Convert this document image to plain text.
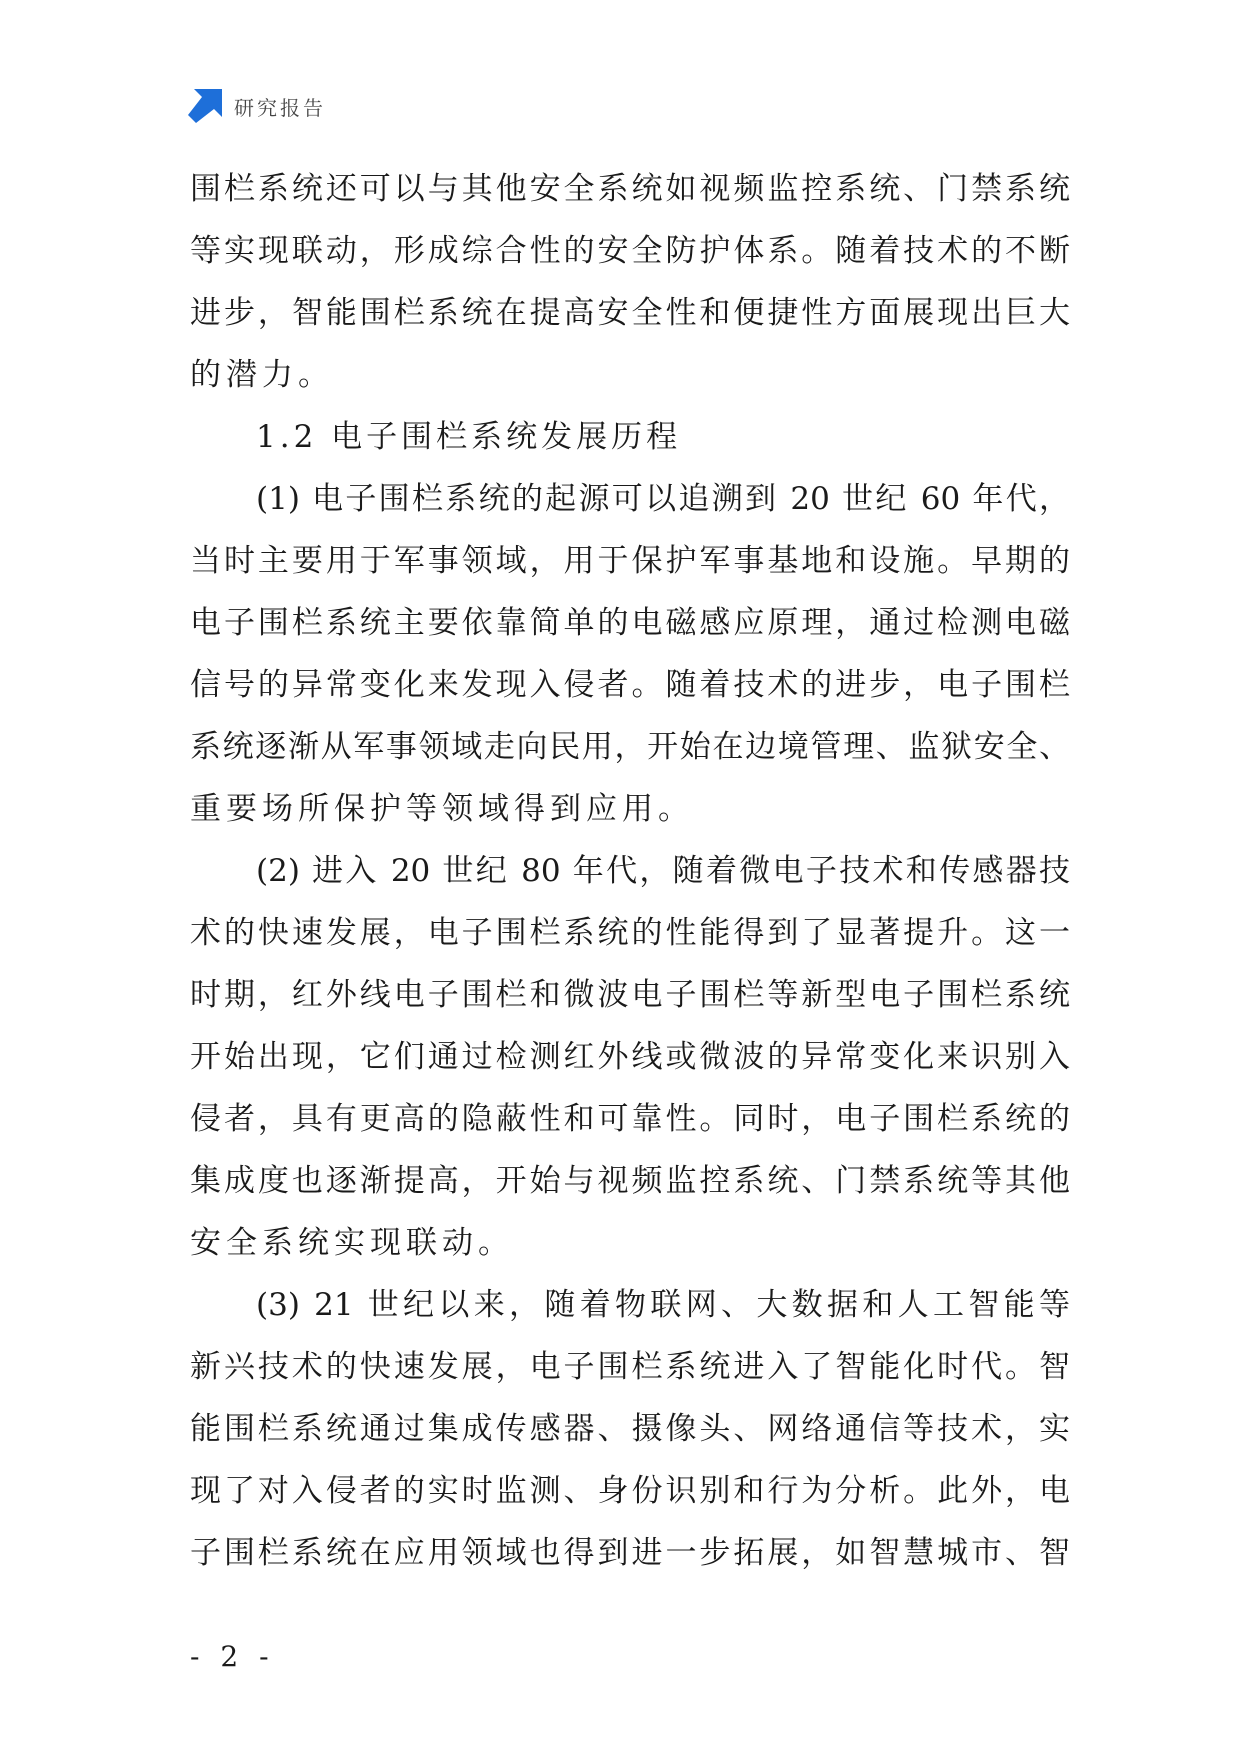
研究报告
围栏系统还可以与其他安全系统如视频监控系统、门禁系统
等实现联动，形成综合性的安全防护体系。随着技术的不断
进步，智能围栏系统在提高安全性和便捷性方面展现出巨大
的潜力。
1.2 电子围栏系统发展历程
(1) 电子围栏系统的起源可以追溯到 20 世纪 60 年代，
当时主要用于军事领域，用于保护军事基地和设施。早期的
电子围栏系统主要依靠简单的电磁感应原理，通过检测电磁
信号的异常变化来发现入侵者。随着技术的进步，电子围栏
系统逐渐从军事领域走向民用，开始在边境管理、监狱安全、
重要场所保护等领域得到应用。
(2) 进入 20 世纪 80 年代，随着微电子技术和传感器技
术的快速发展，电子围栏系统的性能得到了显著提升。这一
时期，红外线电子围栏和微波电子围栏等新型电子围栏系统
开始出现，它们通过检测红外线或微波的异常变化来识别入
侵者，具有更高的隐蔽性和可靠性。同时，电子围栏系统的
集成度也逐渐提高，开始与视频监控系统、门禁系统等其他
安全系统实现联动。
(3) 21 世纪以来，随着物联网、大数据和人工智能等
新兴技术的快速发展，电子围栏系统进入了智能化时代。智
能围栏系统通过集成传感器、摄像头、网络通信等技术，实
现了对入侵者的实时监测、身份识别和行为分析。此外，电
子围栏系统在应用领域也得到进一步拓展，如智慧城市、智
- 2 -
